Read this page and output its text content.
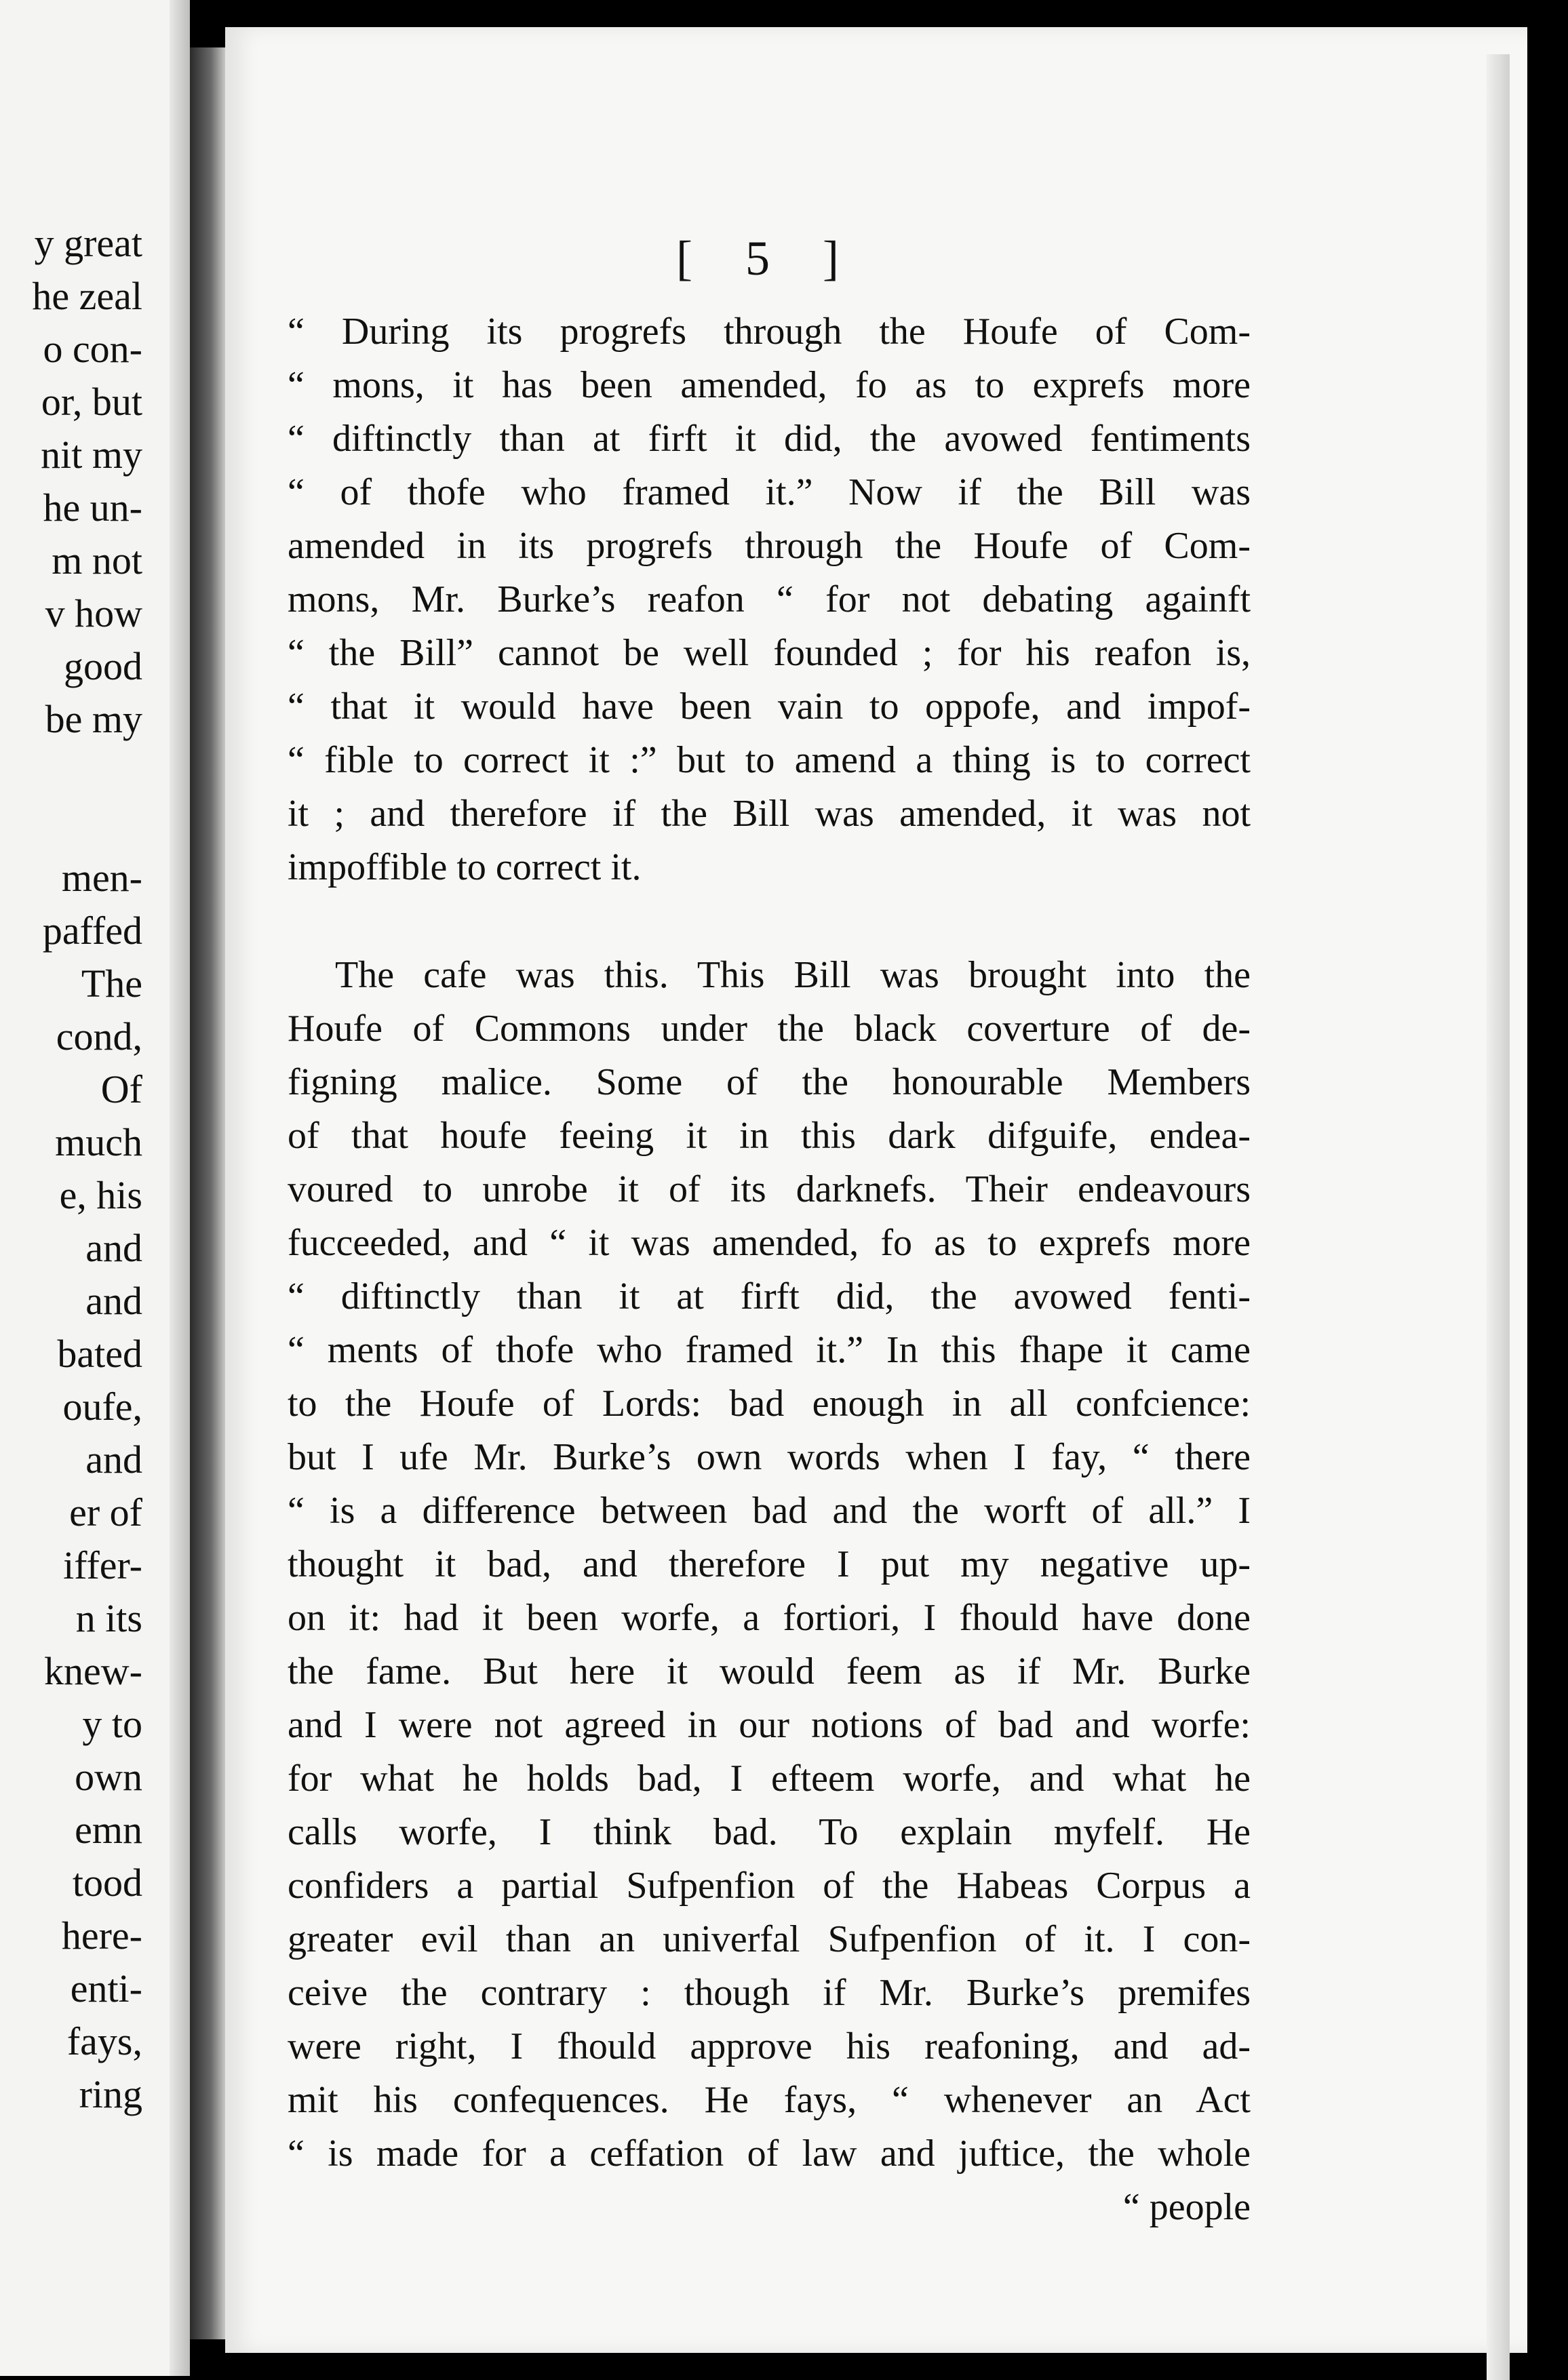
y great
he zeal
o con-
or, but
nit my
he un-
m not
v how
good
be my
men-
paffed
The
cond,
Of
much
e, his
and
and
bated
oufe,
and
er of
iffer-
n its
knew-
y to
own
emn
tood
here-
enti-
fays,
ring
[ 5 ]
“ During its progrefs through the Houfe of Com-
“ mons, it has been amended, fo as to exprefs more
“ diftinctly than at firft it did, the avowed fentiments
“ of thofe who framed it.” Now if the Bill was
amended in its progrefs through the Houfe of Com-
mons, Mr. Burke’s reafon “ for not debating againft
“ the Bill” cannot be well founded ; for his reafon is,
“ that it would have been vain to oppofe, and impof-
“ fible to correct it :” but to amend a thing is to correct
it ; and therefore if the Bill was amended, it was not
impoffible to correct it.
The cafe was this. This Bill was brought into the
Houfe of Commons under the black coverture of de-
figning malice. Some of the honourable Members
of that houfe feeing it in this dark difguife, endea-
voured to unrobe it of its darknefs. Their endeavours
fucceeded, and “ it was amended, fo as to exprefs more
“ diftinctly than it at firft did, the avowed fenti-
“ ments of thofe who framed it.” In this fhape it came
to the Houfe of Lords: bad enough in all confcience:
but I ufe Mr. Burke’s own words when I fay, “ there
“ is a difference between bad and the worft of all.” I
thought it bad, and therefore I put my negative up-
on it: had it been worfe, a fortiori, I fhould have done
the fame. But here it would feem as if Mr. Burke
and I were not agreed in our notions of bad and worfe:
for what he holds bad, I efteem worfe, and what he
calls worfe, I think bad. To explain myfelf. He
confiders a partial Sufpenfion of the Habeas Corpus a
greater evil than an univerfal Sufpenfion of it. I con-
ceive the contrary : though if Mr. Burke’s premifes
were right, I fhould approve his reafoning, and ad-
mit his confequences. He fays, “ whenever an Act
“ is made for a ceffation of law and juftice, the whole
“ people
